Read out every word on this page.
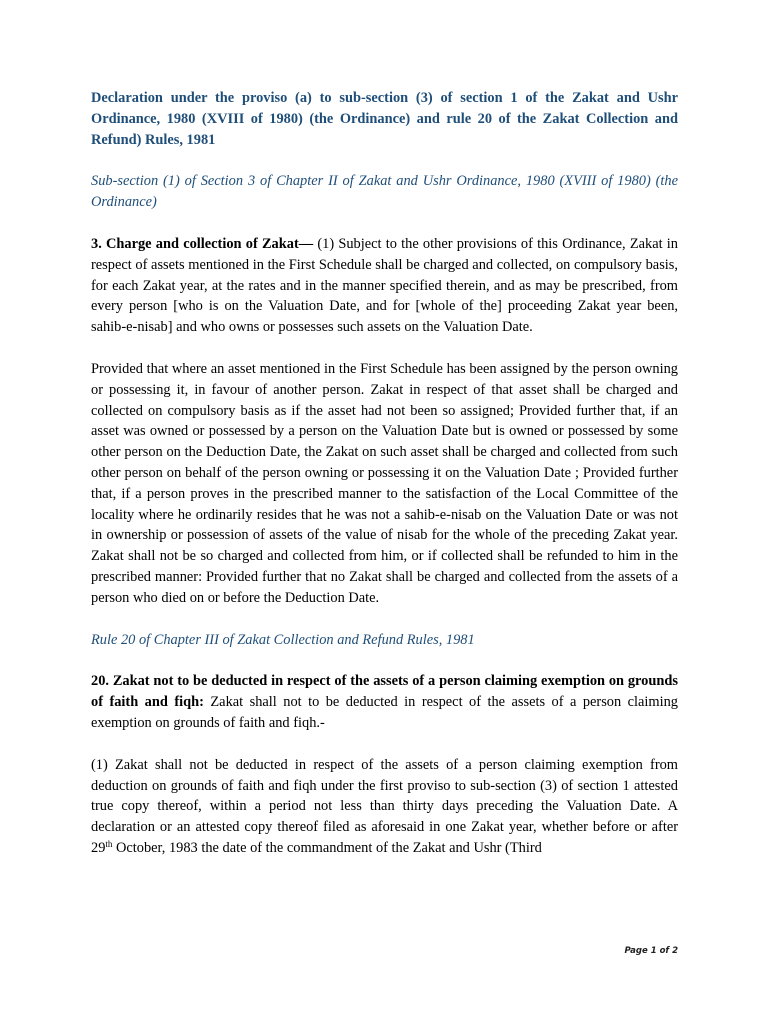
Declaration under the proviso (a) to sub-section (3) of section 1 of the Zakat and Ushr Ordinance, 1980 (XVIII of 1980) (the Ordinance) and rule 20 of the Zakat Collection and Refund) Rules, 1981

Sub-section (1) of Section 3 of Chapter II of Zakat and Ushr Ordinance, 1980 (XVIII of 1980) (the Ordinance)

3. Charge and collection of Zakat— (1) Subject to the other provisions of this Ordinance, Zakat in respect of assets mentioned in the First Schedule shall be charged and collected, on compulsory basis, for each Zakat year, at the rates and in the manner specified therein, and as may be prescribed, from every person [who is on the Valuation Date, and for [whole of the] proceeding Zakat year been, sahib-e-nisab] and who owns or possesses such assets on the Valuation Date.

Provided that where an asset mentioned in the First Schedule has been assigned by the person owning or possessing it, in favour of another person. Zakat in respect of that asset shall be charged and collected on compulsory basis as if the asset had not been so assigned; Provided further that, if an asset was owned or possessed by a person on the Valuation Date but is owned or possessed by some other person on the Deduction Date, the Zakat on such asset shall be charged and collected from such other person on behalf of the person owning or possessing it on the Valuation Date ; Provided further that, if a person proves in the prescribed manner to the satisfaction of the Local Committee of the locality where he ordinarily resides that he was not a sahib-e-nisab on the Valuation Date or was not in ownership or possession of assets of the value of nisab for the whole of the preceding Zakat year. Zakat shall not be so charged and collected from him, or if collected shall be refunded to him in the prescribed manner: Provided further that no Zakat shall be charged and collected from the assets of a person who died on or before the Deduction Date.

Rule 20 of Chapter III of Zakat Collection and Refund Rules, 1981

20. Zakat not to be deducted in respect of the assets of a person claiming exemption on grounds of faith and fiqh: Zakat shall not to be deducted in respect of the assets of a person claiming exemption on grounds of faith and fiqh.-

(1) Zakat shall not be deducted in respect of the assets of a person claiming exemption from deduction on grounds of faith and fiqh under the first proviso to sub-section (3) of section 1 attested true copy thereof, within a period not less than thirty days preceding the Valuation Date. A declaration or an attested copy thereof filed as aforesaid in one Zakat year, whether before or after 29th October, 1983 the date of the commandment of the Zakat and Ushr (Third

Page 1 of 2
